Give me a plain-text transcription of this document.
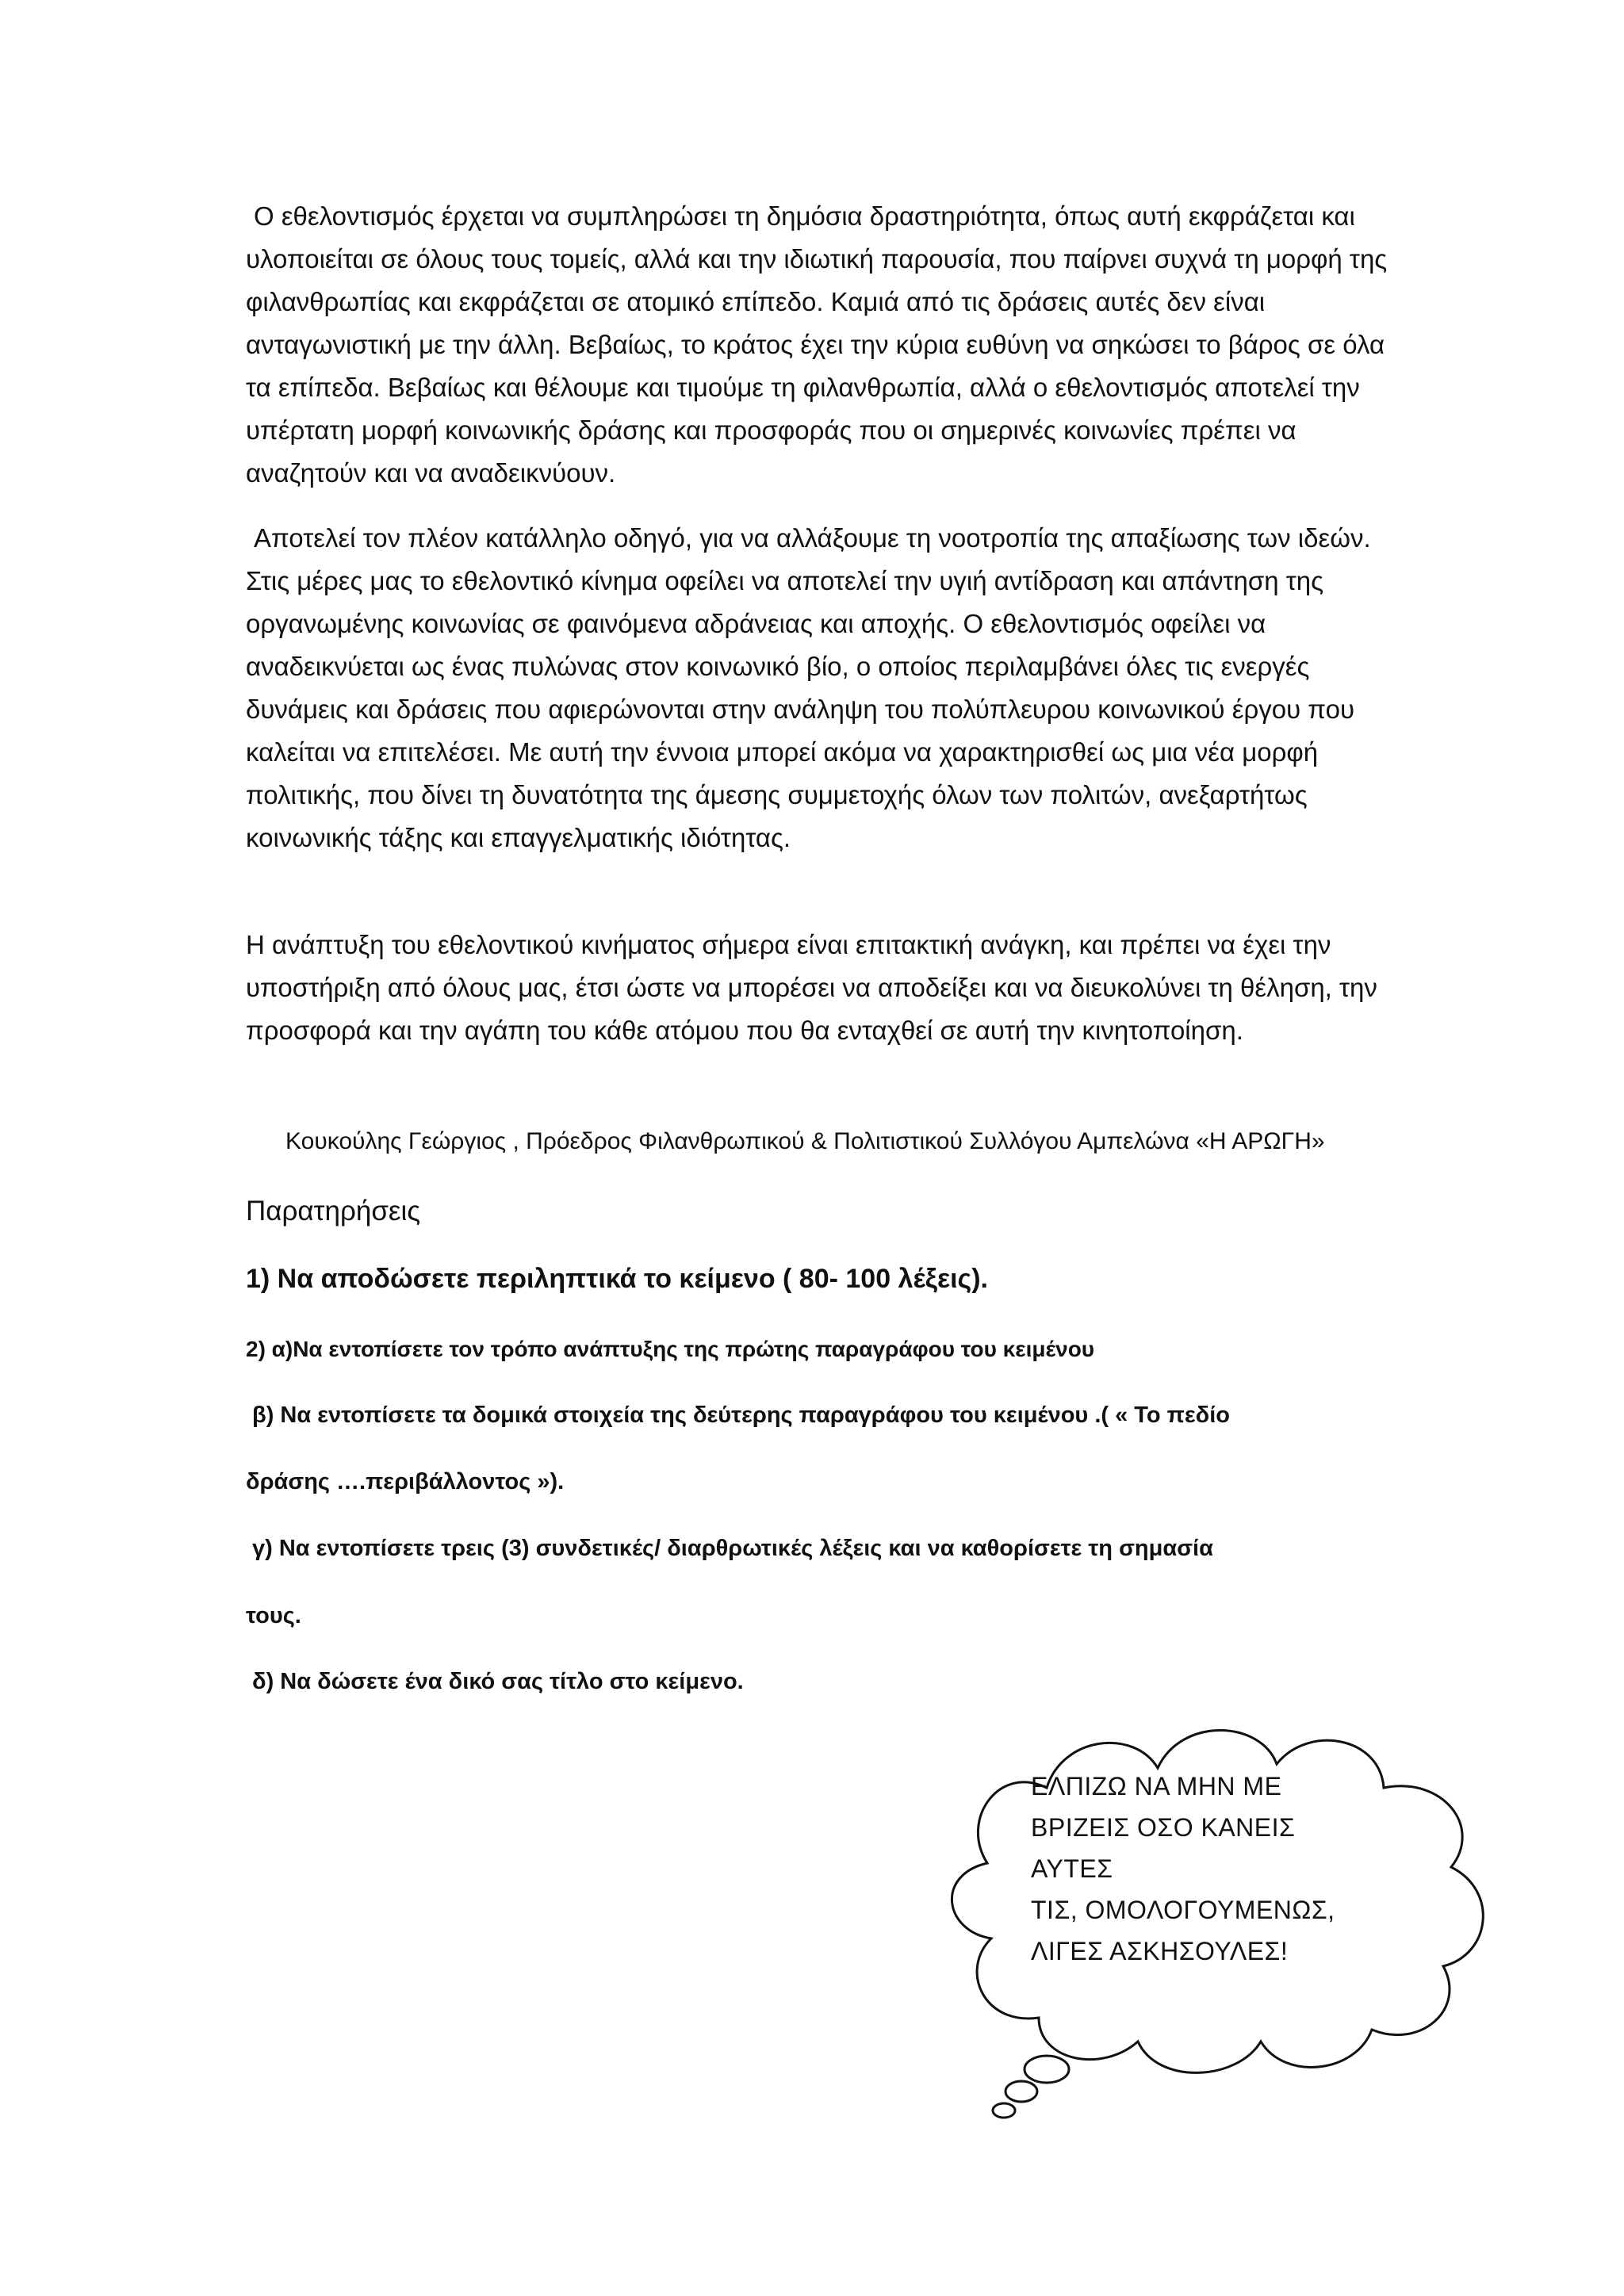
Ο εθελοντισμός έρχεται να συμπληρώσει τη δημόσια δραστηριότητα, όπως αυτή εκφράζεται και υλοποιείται σε όλους τους τομείς, αλλά και την ιδιωτική παρουσία, που παίρνει συχνά τη μορφή της φιλανθρωπίας και εκφράζεται σε ατομικό επίπεδο. Καμιά από τις δράσεις αυτές δεν είναι ανταγωνιστική με την άλλη. Βεβαίως, το κράτος έχει την κύρια ευθύνη να σηκώσει το βάρος σε όλα τα επίπεδα. Βεβαίως και θέλουμε και τιμούμε τη φιλανθρωπία, αλλά ο εθελοντισμός αποτελεί την υπέρτατη μορφή κοινωνικής δράσης και προσφοράς που οι σημερινές κοινωνίες πρέπει να αναζητούν και να αναδεικνύουν.

Αποτελεί τον πλέον κατάλληλο οδηγό, για να αλλάξουμε τη νοοτροπία της απαξίωσης των ιδεών. Στις μέρες μας το εθελοντικό κίνημα οφείλει να αποτελεί την υγιή αντίδραση και απάντηση της οργανωμένης κοινωνίας σε φαινόμενα αδράνειας και αποχής. Ο εθελοντισμός οφείλει να αναδεικνύεται ως ένας πυλώνας στον κοινωνικό βίο, ο οποίος περιλαμβάνει όλες τις ενεργές δυνάμεις και δράσεις που αφιερώνονται στην ανάληψη του πολύπλευρου κοινωνικού έργου που καλείται να επιτελέσει. Με αυτή την έννοια μπορεί ακόμα να χαρακτηρισθεί ως μια νέα μορφή πολιτικής, που δίνει τη δυνατότητα της άμεσης συμμετοχής όλων των πολιτών, ανεξαρτήτως κοινωνικής τάξης και επαγγελματικής ιδιότητας.

Η ανάπτυξη του εθελοντικού κινήματος σήμερα είναι επιτακτική ανάγκη, και πρέπει να έχει την υποστήριξη από όλους μας, έτσι ώστε να μπορέσει να αποδείξει και να διευκολύνει τη θέληση, την προσφορά και την αγάπη του κάθε ατόμου που θα ενταχθεί σε αυτή την κινητοποίηση.

Κουκούλης Γεώργιος , Πρόεδρος Φιλανθρωπικού & Πολιτιστικού Συλλόγου Αμπελώνα «Η ΑΡΩΓΗ»

Παρατηρήσεις

1) Να αποδώσετε περιληπτικά το κείμενο ( 80- 100 λέξεις).

2) α)Να εντοπίσετε τον τρόπο ανάπτυξης της πρώτης παραγράφου του κειμένου

β) Να εντοπίσετε τα δομικά στοιχεία της δεύτερης παραγράφου του κειμένου .( « Το πεδίο

δράσης ….περιβάλλοντος »).

γ) Να εντοπίσετε τρεις (3) συνδετικές/ διαρθρωτικές λέξεις και να καθορίσετε τη σημασία

τους.

δ) Να δώσετε ένα δικό σας τίτλο στο κείμενο.

ΕΛΠΙΖΩ ΝΑ ΜΗΝ ΜΕ
ΒΡΙΖΕΙΣ ΟΣΟ ΚΑΝΕΙΣ ΑΥΤΕΣ
ΤΙΣ, ΟΜΟΛΟΓΟΥΜΕΝΩΣ,
ΛΙΓΕΣ ΑΣΚΗΣΟΥΛΕΣ!
